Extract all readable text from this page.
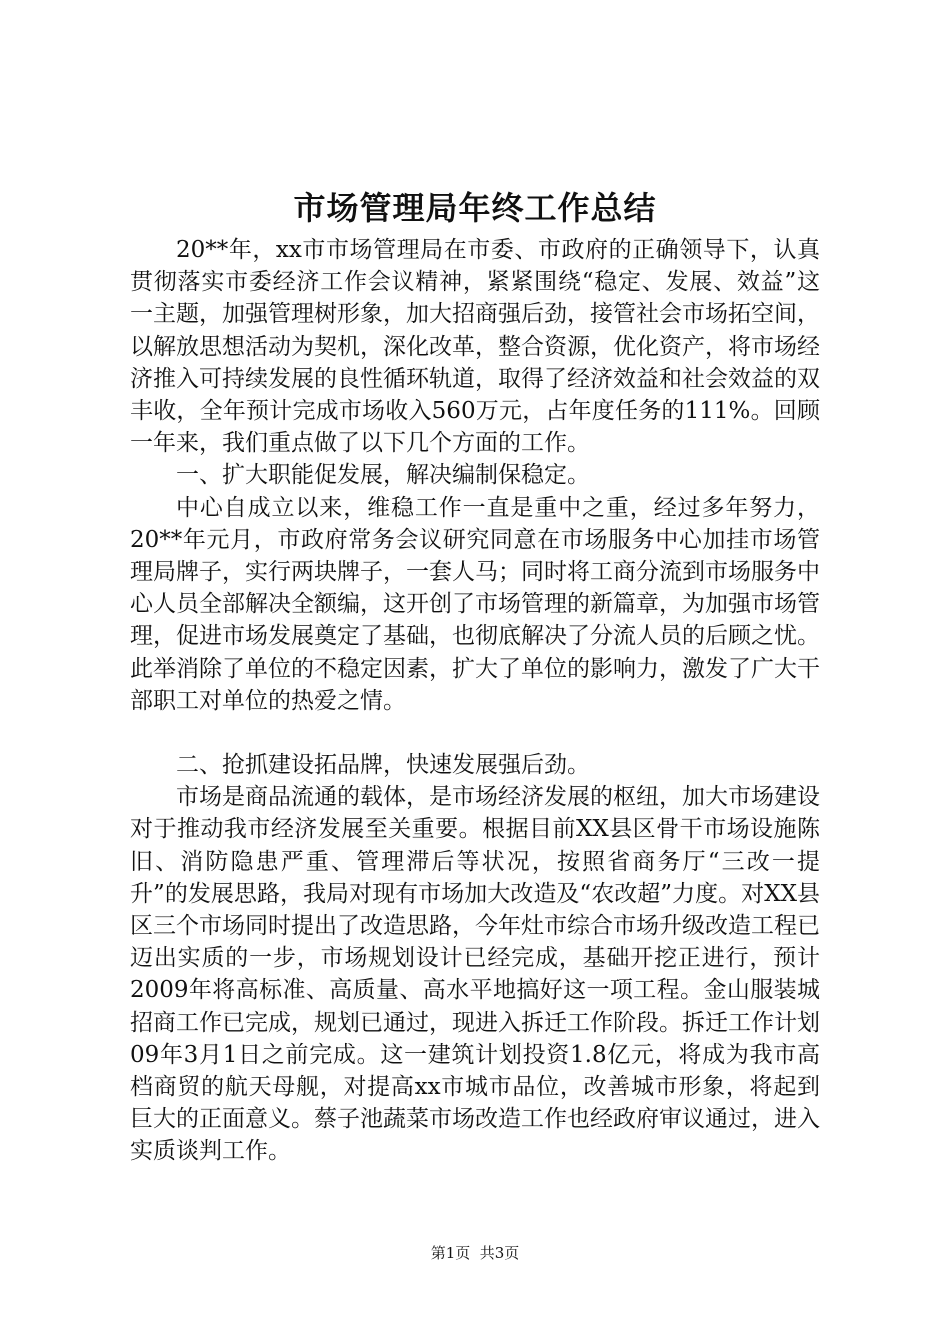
市场管理局年终工作总结

20**年，xx市市场管理局在市委、市政府的正确领导下，认真贯彻落实市委经济工作会议精神，紧紧围绕“稳定、发展、效益”这一主题，加强管理树形象，加大招商强后劲，接管社会市场拓空间，以解放思想活动为契机，深化改革，整合资源，优化资产，将市场经济推入可持续发展的良性循环轨道，取得了经济效益和社会效益的双丰收，全年预计完成市场收入560万元，占年度任务的111%。回顾一年来，我们重点做了以下几个方面的工作。

一、扩大职能促发展，解决编制保稳定。

中心自成立以来，维稳工作一直是重中之重，经过多年努力，20**年元月，市政府常务会议研究同意在市场服务中心加挂市场管理局牌子，实行两块牌子，一套人马；同时将工商分流到市场服务中心人员全部解决全额编，这开创了市场管理的新篇章，为加强市场管理，促进市场发展奠定了基础，也彻底解决了分流人员的后顾之忧。此举消除了单位的不稳定因素，扩大了单位的影响力，激发了广大干部职工对单位的热爱之情。

二、抢抓建设拓品牌，快速发展强后劲。

市场是商品流通的载体，是市场经济发展的枢纽，加大市场建设对于推动我市经济发展至关重要。根据目前XX县区骨干市场设施陈旧、消防隐患严重、管理滞后等状况，按照省商务厅“三改一提升”的发展思路，我局对现有市场加大改造及“农改超”力度。对XX县区三个市场同时提出了改造思路，今年灶市综合市场升级改造工程已迈出实质的一步，市场规划设计已经完成，基础开挖正进行，预计2009年将高标准、高质量、高水平地搞好这一项工程。金山服装城招商工作已完成，规划已通过，现进入拆迁工作阶段。拆迁工作计划09年3月1日之前完成。这一建筑计划投资1.8亿元，将成为我市高档商贸的航天母舰，对提高xx市城市品位，改善城市形象，将起到巨大的正面意义。蔡子池蔬菜市场改造工作也经政府审议通过，进入实质谈判工作。

第1页  共3页
